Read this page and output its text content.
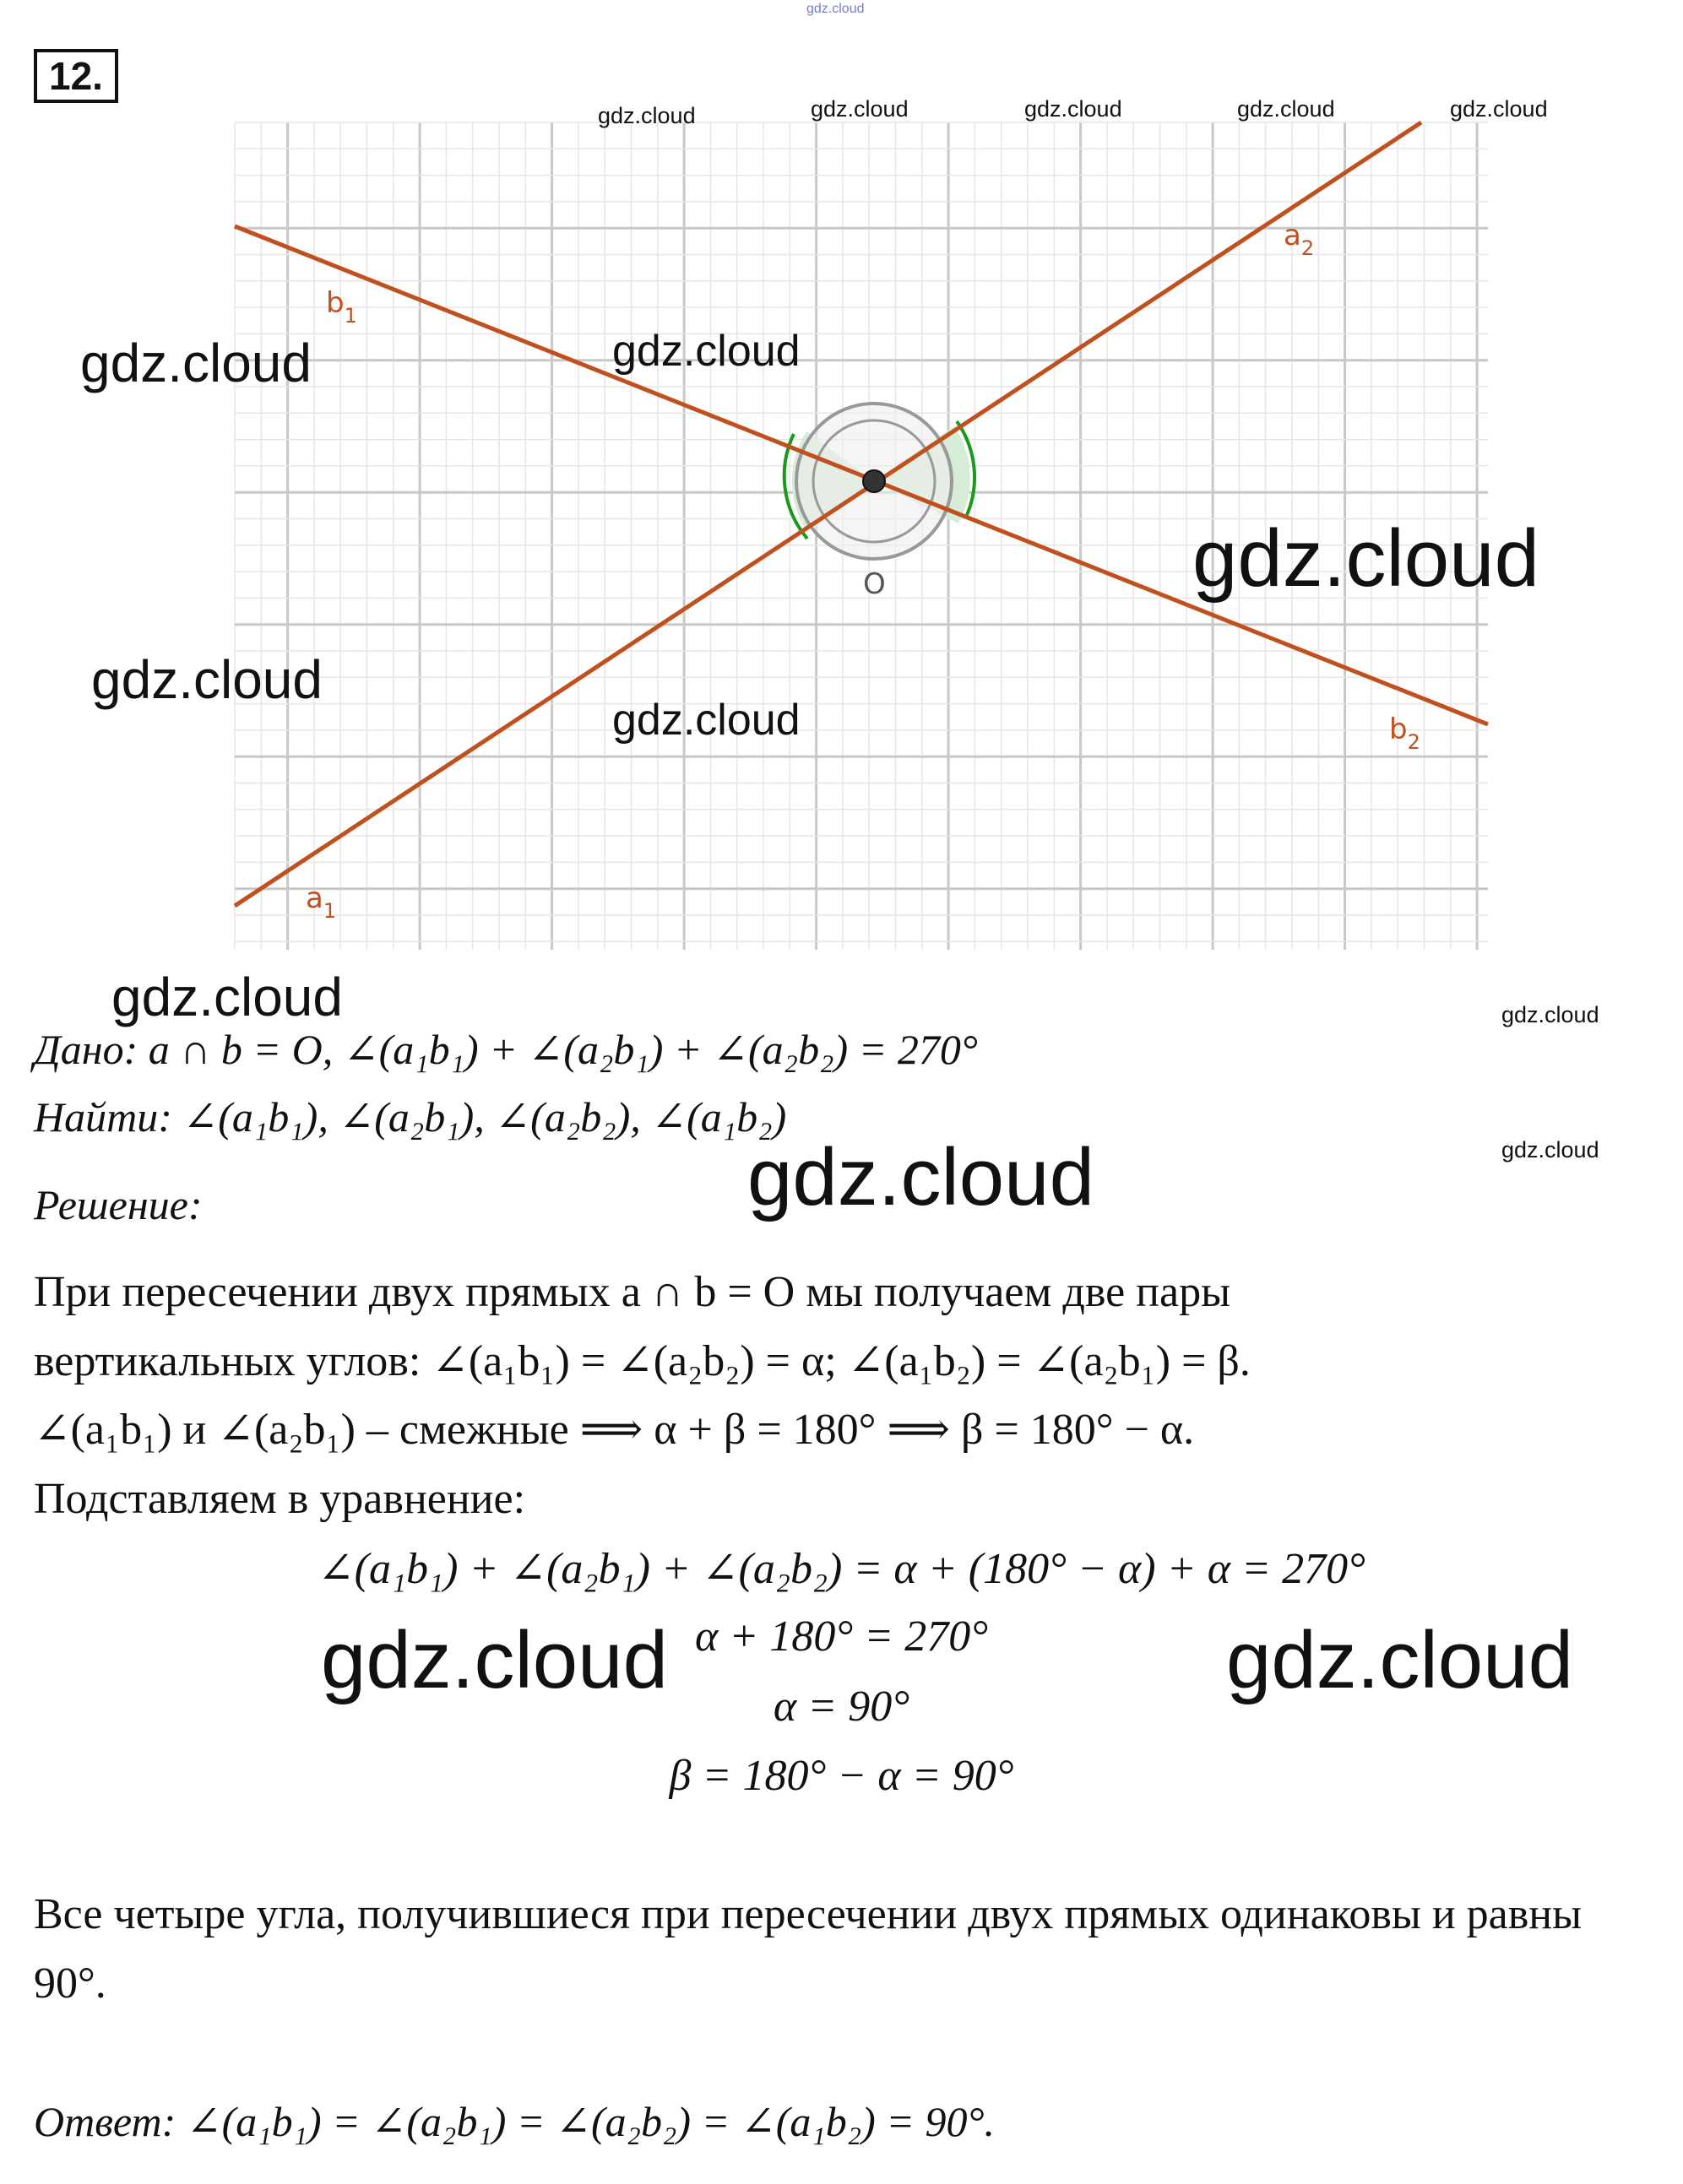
gdz.cloud
12.
$b_1$
$a_2$
$b_2$
$a_1$
O
gdz.cloud	gdz.cloud	gdz.cloud	gdz.cloud	gdz.cloud
gdz.cloud
gdz.cloud
gdz.cloud
gdz.cloud
gdz.cloud
gdz.cloud	gdz.cloud
gdz.cloud
gdz.cloud
gdz.cloud	gdz.cloud
Дано: a ∩ b = O, ∠(a₁b₁) + ∠(a₂b₁) + ∠(a₂b₂) = 270°
Найти: ∠(a₁b₁), ∠(a₂b₁), ∠(a₂b₂), ∠(a₁b₂)
Решение:
При пересечении двух прямых a ∩ b = O мы получаем две пары
вертикальных углов: ∠(a₁b₁) = ∠(a₂b₂) = α; ∠(a₁b₂) = ∠(a₂b₁) = β.
∠(a₁b₁) и ∠(a₂b₁) – смежные ⟹ α + β = 180° ⟹ β = 180° − α.
Подставляем в уравнение:
∠(a₁b₁) + ∠(a₂b₁) + ∠(a₂b₂) = α + (180° − α) + α = 270°
α + 180° = 270°
α = 90°
β = 180° − α = 90°
Все четыре угла, получившиеся при пересечении двух прямых одинаковы и равны 90°.
Ответ: ∠(a₁b₁) = ∠(a₂b₁) = ∠(a₂b₂) = ∠(a₁b₂) = 90°.
